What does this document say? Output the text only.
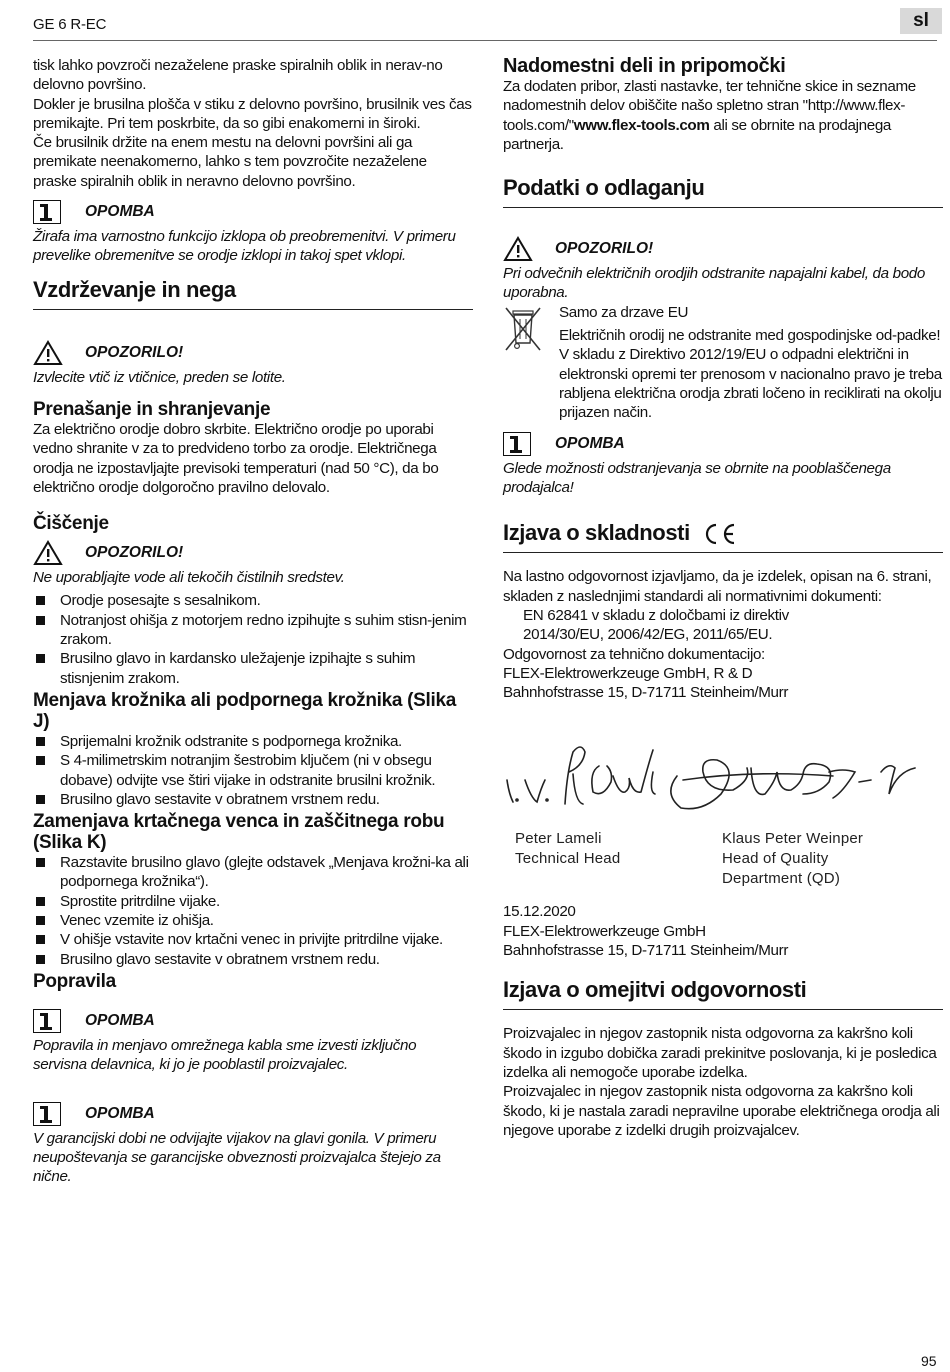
GE 6 R-EC	sl

tisk lahko povzroči nezaželene praske spiralnih oblik in nerav-no delovno površino.

Dokler je brusilna plošča v stiku z delovno površino, brusilnik ves čas premikajte. Pri tem poskrbite, da so gibi enakomerni in široki.

Če brusilnik držite na enem mestu na delovni površini ali ga premikate neenakomerno, lahko s tem povzročite nezaželene praske spiralnih oblik in neravno delovno površino.

OPOMBA

Žirafa ima varnostno funkcijo izklopa ob preobremenitvi. V primeru prevelike obremenitve se orodje izklopi in takoj spet vklopi.

Vzdrževanje in nega
OPOZORILO!

Izvlecite vtič iz vtičnice, preden se lotite.

Prenašanje in shranjevanje

Za električno orodje dobro skrbite. Električno orodje po uporabi vedno shranite v za to predvideno torbo za orodje. Električnega orodja ne izpostavljajte previsoki temperaturi (nad 50 °C), da bo električno orodje dolgoročno pravilno delovalo.

Čiščenje
OPOZORILO!

Ne uporabljajte vode ali tekočih čistilnih sredstev.

Orodje posesajte s sesalnikom.
Notranjost ohišja z motorjem redno izpihujte s suhim stisn-jenim zrakom.
Brusilno glavo in kardansko uležajenje izpihajte s suhim stisnjenim zrakom.
Menjava krožnika ali podpornega krožnika (Slika J)
Sprijemalni krožnik odstranite s podpornega krožnika.
S 4-milimetrskim notranjim šestrobim ključem (ni v obsegu dobave) odvijte vse štiri vijake in odstranite brusilni krožnik.
Brusilno glavo sestavite v obratnem vrstnem redu.
Zamenjava krtačnega venca in zaščitnega robu (Slika K)
Razstavite brusilno glavo (glejte odstavek „Menjava krožni-ka ali podpornega krožnika“).
Sprostite pritrdilne vijake.
Venec vzemite iz ohišja.
V ohišje vstavite nov krtačni venec in privijte pritrdilne vijake.
Brusilno glavo sestavite v obratnem vrstnem redu.
Popravila
OPOMBA

Popravila in menjavo omrežnega kabla sme izvesti izključno servisna delavnica, ki jo je pooblastil proizvajalec.

OPOMBA

V garancijski dobi ne odvijajte vijakov na glavi gonila. V primeru neupoštevanja se garancijske obveznosti proizvajalca štejejo za nične.

Nadomestni deli in pripomočki

Za dodaten pribor, zlasti nastavke, ter tehnične skice in sezname nadomestnih delov obiščite našo spletno stran "http://www.flex-tools.com/"www.flex-tools.com ali se obrnite na prodajnega partnerja.

Podatki o odlaganju
OPOZORILO!

Pri odvečnih električnih orodjih odstranite napajalni kabel, da bodo uporabna.

Samo za drzave EU

Električnih orodij ne odstranite med gospodinjske od-padke!

V skladu z Direktivo 2012/19/EU o odpadni električni in elektronski opremi ter prenosom v nacionalno pravo je treba rabljena električna orodja zbrati ločeno in reciklirati na okolju prijazen način.

OPOMBA

Glede možnosti odstranjevanja se obrnite na pooblaščenega prodajalca!

Izjava o skladnosti

Na lastno odgovornost izjavljamo, da je izdelek, opisan na 6. strani, skladen z naslednjimi standardi ali normativnimi dokumenti:

EN 62841 v skladu z določbami iz direktiv

2014/30/EU, 2006/42/EG, 2011/65/EU.

Odgovornost za tehnično dokumentacijo:

FLEX-Elektrowerkzeuge GmbH, R & D

Bahnhofstrasse 15, D-71711 Steinheim/Murr

Peter Lameli
Technical Head
Klaus Peter Weinper
Head of Quality
Department (QD)

15.12.2020

FLEX-Elektrowerkzeuge GmbH

Bahnhofstrasse 15, D-71711 Steinheim/Murr

Izjava o omejitvi odgovornosti

Proizvajalec in njegov zastopnik nista odgovorna za kakršno koli škodo in izgubo dobička zaradi prekinitve poslovanja, ki je posledica izdelka ali nemogoče uporabe izdelka.

Proizvajalec in njegov zastopnik nista odgovorna za kakršno koli škodo, ki je nastala zaradi nepravilne uporabe električnega orodja ali njegove uporabe z izdelki drugih proizvajalcev.

95
